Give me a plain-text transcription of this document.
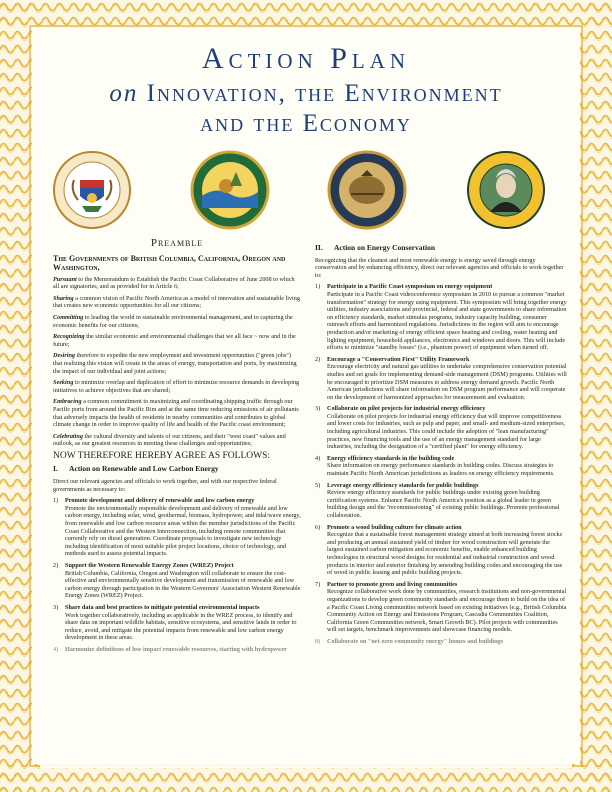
Action Plan
on Innovation, the Environment
and the Economy
Preamble
The Governments of British Columbia, California, Oregon and Washington,

Pursuant to the Memorandum to Establish the Pacific Coast Collaborative of June 2008 to which all are signatories, and as provided for in Article 6;

Sharing a common vision of Pacific North America as a model of innovation and sustainable living that creates new economic opportunities for all our citizens;

Committing to leading the world in sustainable environmental management, and to capturing the economic benefits for our citizens;

Recognizing the similar economic and environmental challenges that we all face ~ now and in the future;

Desiring therefore to expedite the new employment and investment opportunities ("green jobs") that realizing this vision will create in the areas of energy, transportation and ports, by maximizing the impact of our individual and joint actions;

Seeking to minimize overlap and duplication of effort to minimize resource demands in developing initiatives to achieve objectives that are shared;

Embracing a common commitment to maximizing and coordinating shipping traffic through our Pacific ports from around the Pacific Rim and at the same time reducing emissions of air pollutants that adversely impacts the health of residents in nearby communities and contributes to global climate change in order to improve quality of life and health of the Pacific coast environment;

Celebrating the cultural diversity and talents of our citizens, and their "west coast" values and outlook, as our greatest resources in meeting these challenges and opportunities;

NOW THEREFORE HEREBY AGREE AS FOLLOWS:
I. Action on Renewable and Low Carbon Energy

Direct our relevant agencies and officials to work together, and with our respective federal governments as necessary to:

1)	Promote development and delivery of renewable and low carbon energy
Promote the environmentally responsible development and delivery of renewable and low carbon energy, including solar, wind, geothermal, biomass, hydropower, and tidal/wave energy, from renewable and low carbon resource areas within the member jurisdictions of the Pacific Coast Collaborative and the Western Interconnection, including remote communities that currently rely on diesel generation. Coordinate proposals to investigate new technology including identification of most suitable pilot project locations, choice of technology, and methods used to assess potential impacts.
2)	Support the Western Renewable Energy Zones (WREZ) Project
British Columbia, California, Oregon and Washington will collaborate to ensure the cost-effective and environmentally sensitive development and transmission of renewable and low carbon energy through participation in the Western Governors' Association Western Renewable Energy Zones (WREZ) Project.
3)	Share data and best practices to mitigate potential environmental impacts
Work together collaboratively, including as applicable in the WREZ process, to identify and share data on important wildlife habitats, sensitive ecosystems, and sensitive lands in order to reduce, avoid, and mitigate the potential impacts from renewable and low carbon energy development in these areas.
4)	Harmonize definitions of low impact renewable resources, starting with hydropower
II. Action on Energy Conservation

Recognizing that the cleanest and most renewable energy is energy saved through energy conservation and by enhancing efficiency, direct our relevant agencies and officials to work together to:

1)	Participate in a Pacific Coast symposium on energy equipment
Participate in a Pacific Coast videoconference symposium in 2010 to pursue a common "market transformation" strategy for energy using equipment. This symposium will bring together energy utilities, industry associations and provincial, federal and state governments to share information on efficiency standards, market stimulus programs, industry capacity building, consumer outreach efforts and harmonized regulations. Jurisdictions in the region will aim to encourage production and/or marketing of energy efficient space heating and cooling, water heating and lighting equipment, household appliances, electronics and windows and doors. This will include efforts to minimize "standby losses" (i.e., phantom power) of equipment when turned off.
2)	Encourage a "Conservation First" Utility Framework
Encourage electricity and natural gas utilities to undertake comprehensive conservation potential studies and set goals for implementing demand-side management (DSM) programs. Utilities will be encouraged to prioritize DSM measures to address energy demand growth. Pacific North American jurisdictions will share information on DSM program performance and will cooperate on the development of harmonized approaches for measurement and evaluation.
3)	Collaborate on pilot projects for industrial energy efficiency
Collaborate on pilot projects for industrial energy efficiency that will improve competitiveness and lower costs for industries, such as pulp and paper, and small- and medium-sized enterprises, including agricultural industries. This could include the adoption of "lean manufacturing" practices, new financing tools and the use of an energy management standard for large industries, including the designation of a "certified plant" for energy efficiency.
4)	Energy efficiency standards in the building code
Share information on energy performance standards in building codes. Discuss strategies to maintain Pacific North American jurisdictions as leaders on energy efficiency requirements.
5)	Leverage energy efficiency standards for public buildings
Review energy efficiency standards for public buildings under existing green building certification systems. Enhance Pacific North America's position as a global leader in green building design and the "recommissioning" of existing public buildings. Promote professional collaboration.
6)	Promote a wood building culture for climate action
Recognize that a sustainable forest management strategy aimed at both increasing forest stocks and producing an annual sustained yield of timber for wood construction will generate the largest sustained carbon mitigation and economic benefits, enable enhanced building technologies in structural wood designs for residential and industrial construction and wood products in interior and exterior finishing by amending building codes and encouraging the use of wood in public leasing and public building projects.
7)	Partner to promote green and living communities
Recognize collaborative work done by communities, research institutions and non-governmental organizations to develop green community standards and encourage them to build on the idea of a Pacific Coast Living communities network based on existing initiatives (e.g., British Columbia Community Action on Energy and Emissions Program, Cascadia Communities Coalition, California Green Communities network, Smart Growth BC). Pilot projects with communities will set targets, benchmark improvements and showcase financing models.
8)	Collaborate on "net-zero community energy" homes and buildings
